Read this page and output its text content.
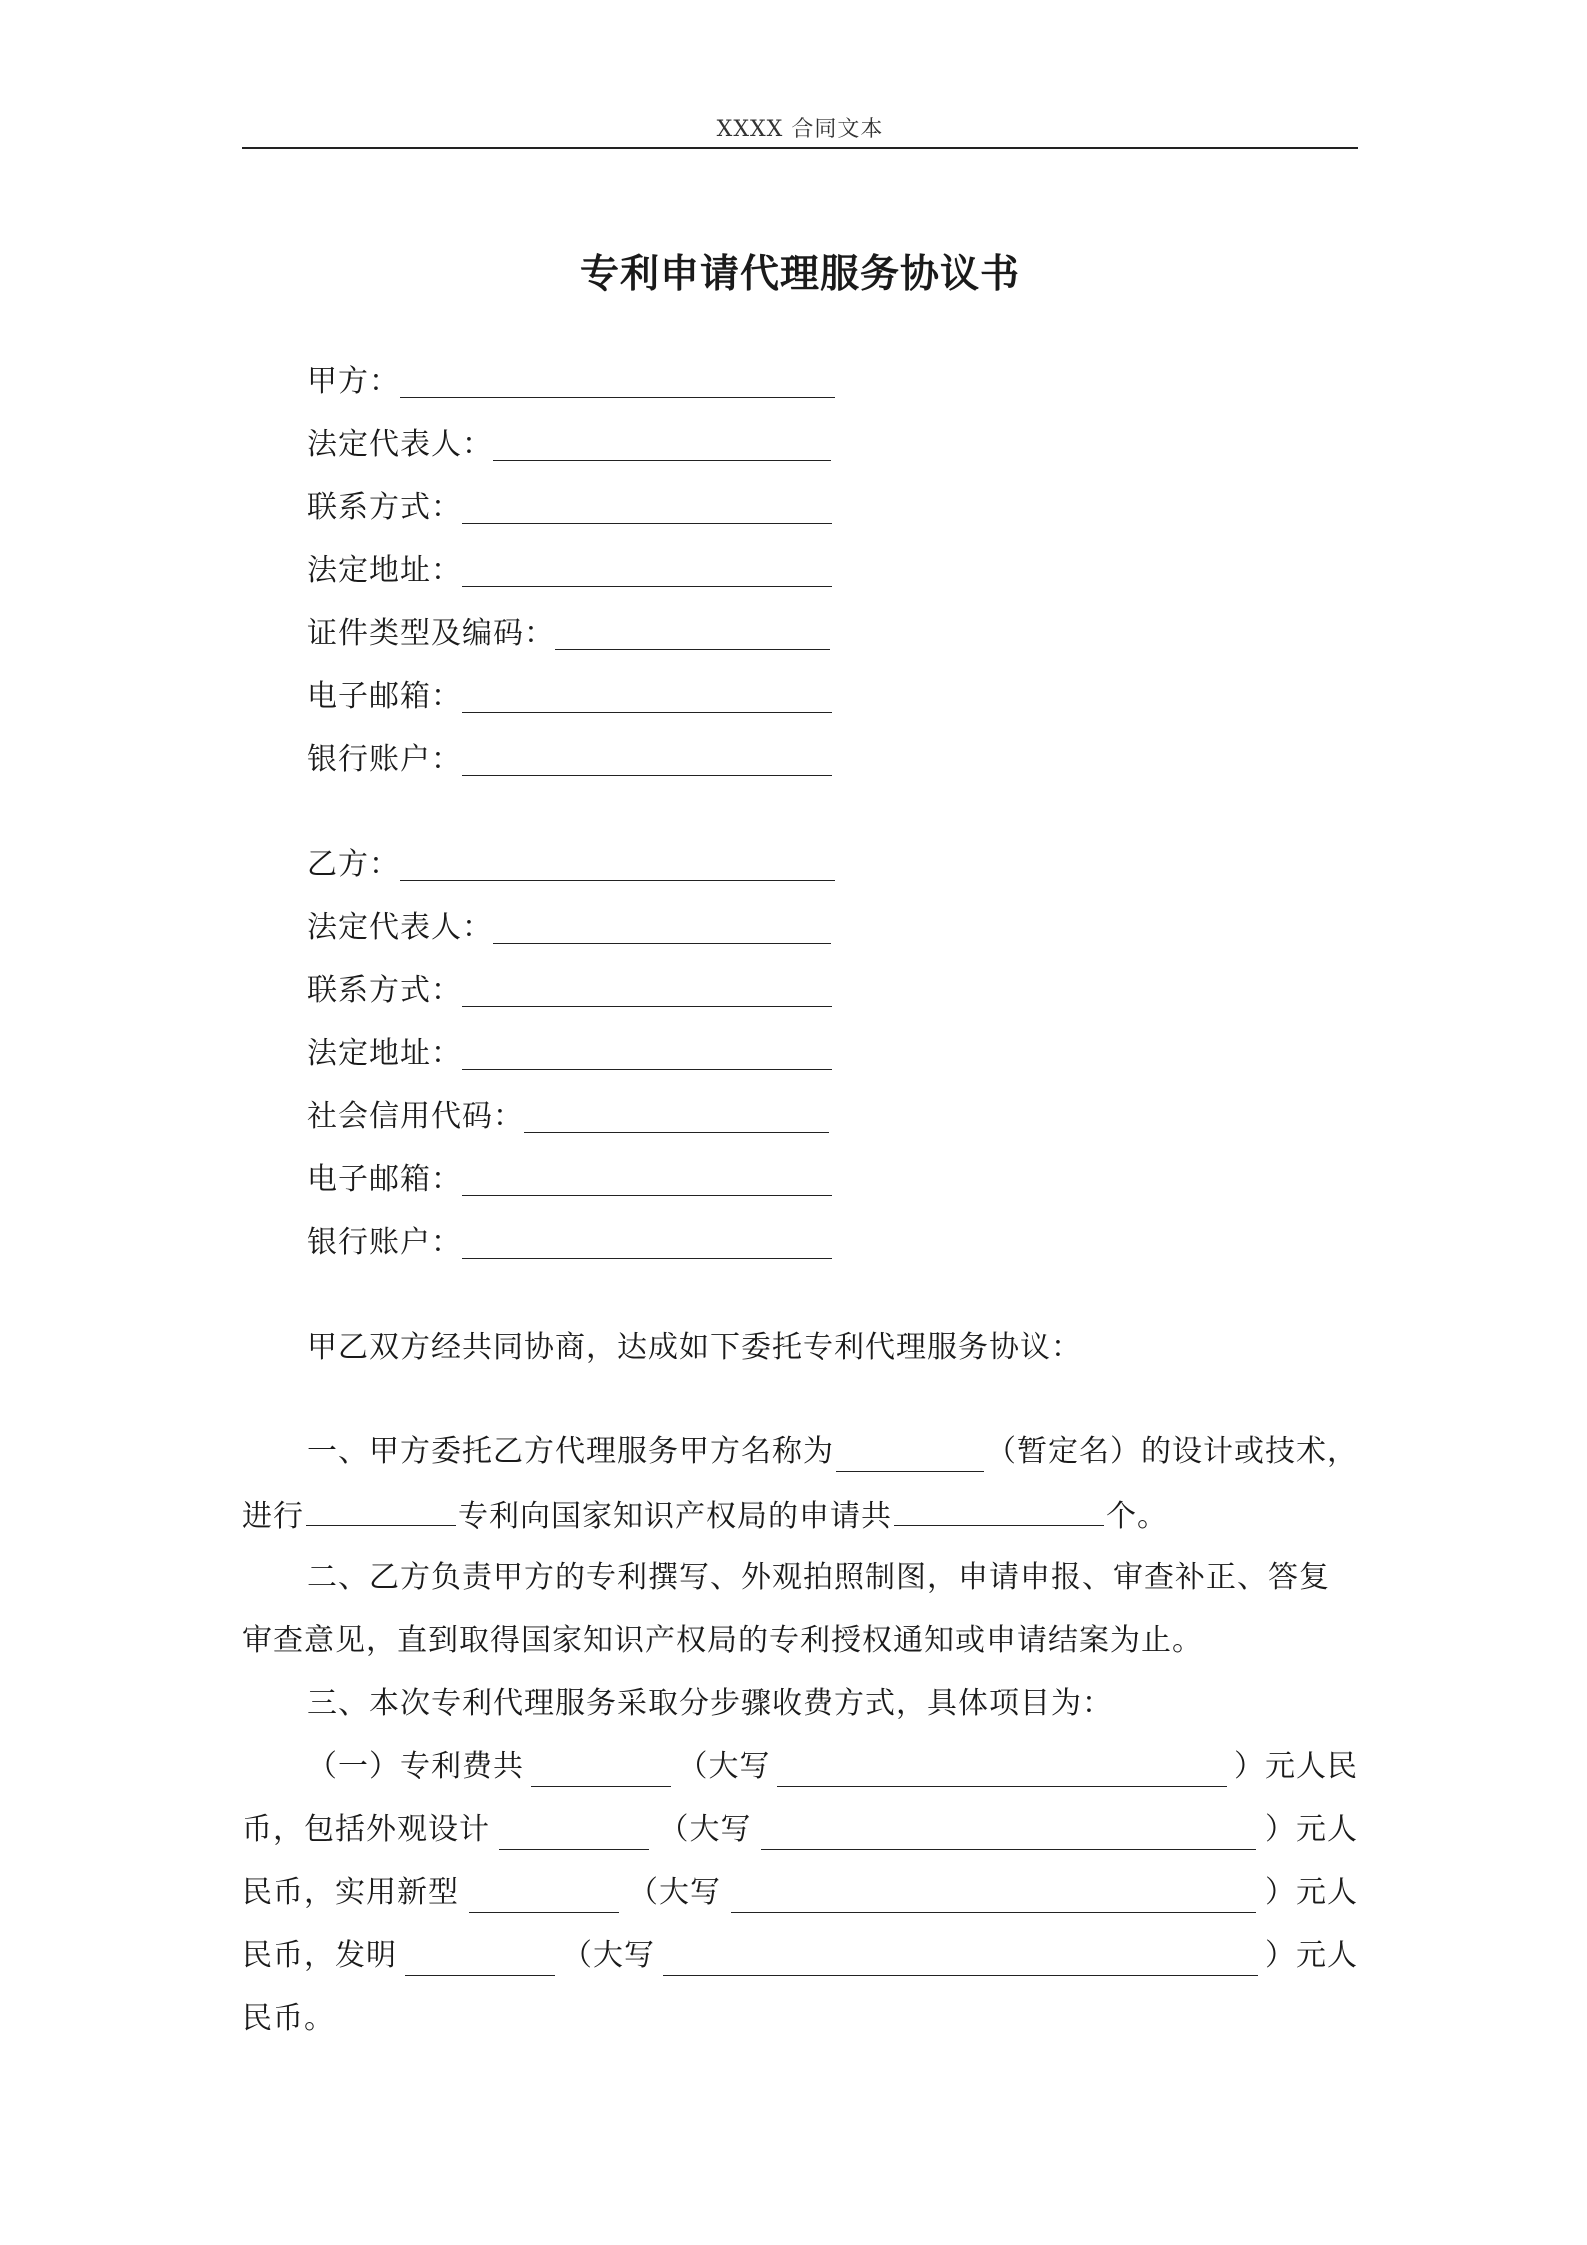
XXXX 合同文本
专利申请代理服务协议书
甲方：
法定代表人：
联系方式：
法定地址：
证件类型及编码：
电子邮箱：
银行账户：
乙方：
法定代表人：
联系方式：
法定地址：
社会信用代码：
电子邮箱：
银行账户：
甲乙双方经共同协商，达成如下委托专利代理服务协议：
一、甲方委托乙方代理服务甲方名称为	（暂定名）的设计或技术，
进行	专利向国家知识产权局的申请共	个。
二、乙方负责甲方的专利撰写、外观拍照制图，申请申报、审查补正、答复
审查意见，直到取得国家知识产权局的专利授权通知或申请结案为止。
三、本次专利代理服务采取分步骤收费方式，具体项目为：
（一）专利费共	（大写	）元人民
币，包括外观设计	（大写	）元人
民币，实用新型	（大写	）元人
民币，发明	（大写	）元人
民币。
